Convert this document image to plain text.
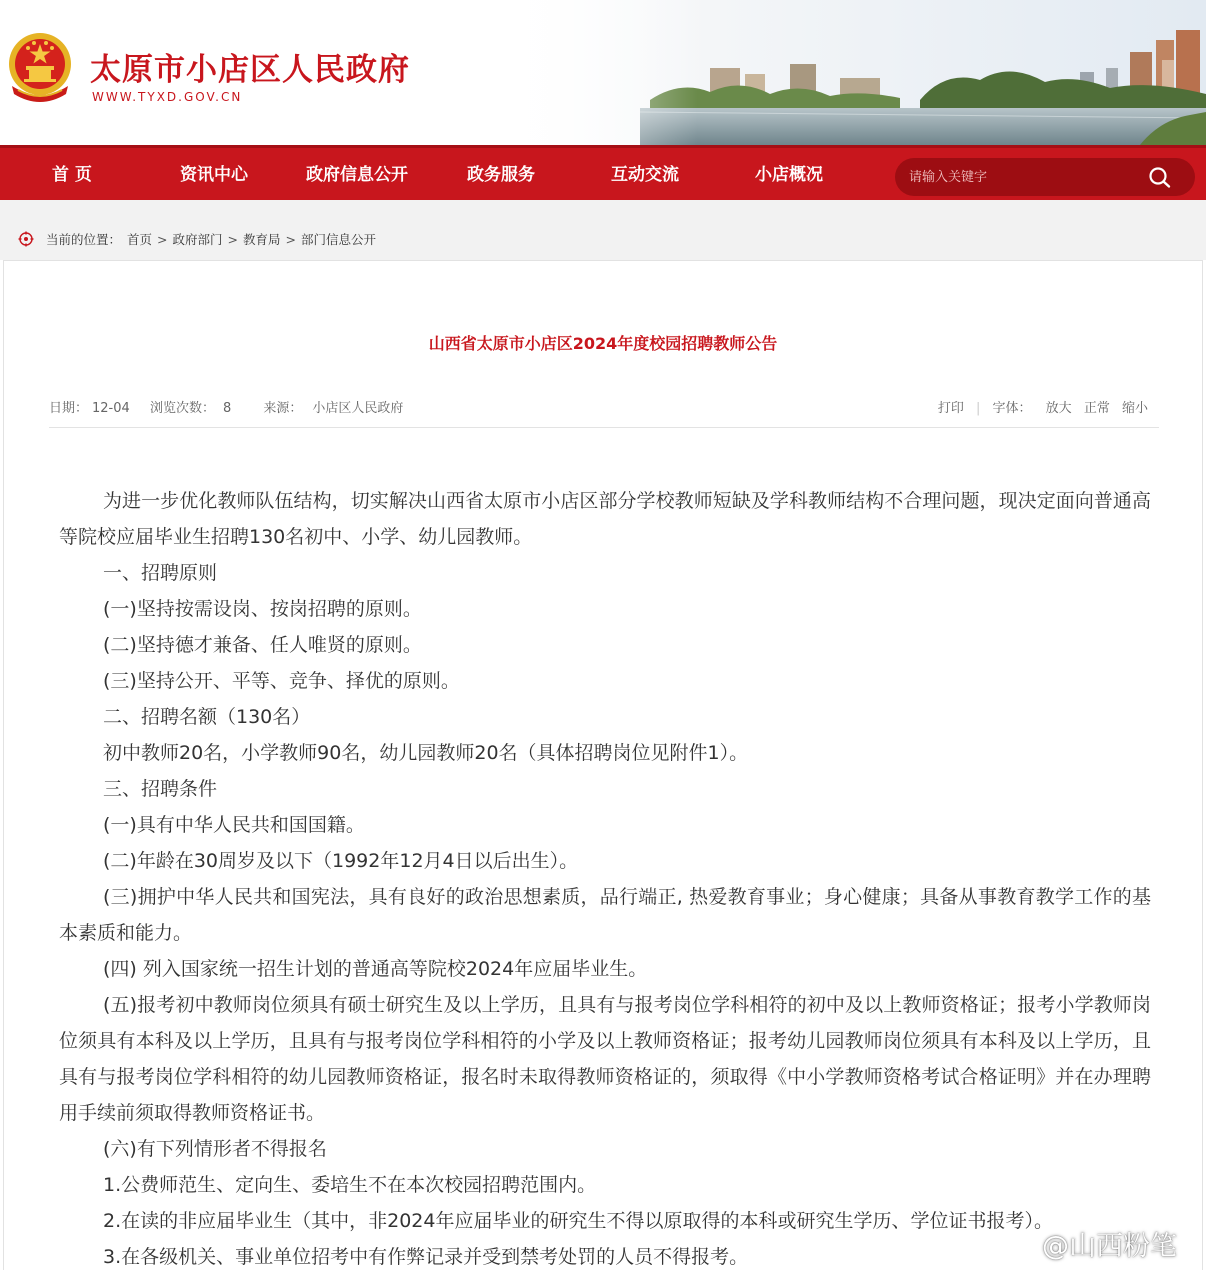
太原市小店区人民政府
WWW.TYXD.GOV.CN
首 页	资讯中心	政府信息公开	政务服务	互动交流	小店概况
请输入关键字
当前的位置： 首页 > 政府部门 > 教育局 > 部门信息公开
山西省太原市小店区2024年度校园招聘教师公告
日期： 12-04 浏览次数： 8 来源： 小店区人民政府	打印 | 字体： 放大 正常 缩小

为进一步优化教师队伍结构，切实解决山西省太原市小店区部分学校教师短缺及学科教师结构不合理问题，现决定面向普通高等院校应届毕业生招聘130名初中、小学、幼儿园教师。

一、招聘原则

(一)坚持按需设岗、按岗招聘的原则。

(二)坚持德才兼备、任人唯贤的原则。

(三)坚持公开、平等、竞争、择优的原则。

二、招聘名额（130名）

初中教师20名，小学教师90名，幼儿园教师20名（具体招聘岗位见附件1）。

三、招聘条件

(一)具有中华人民共和国国籍。

(二)年龄在30周岁及以下（1992年12月4日以后出生）。

(三)拥护中华人民共和国宪法，具有良好的政治思想素质，品行端正, 热爱教育事业；身心健康；具备从事教育教学工作的基本素质和能力。

(四) 列入国家统一招生计划的普通高等院校2024年应届毕业生。

(五)报考初中教师岗位须具有硕士研究生及以上学历，且具有与报考岗位学科相符的初中及以上教师资格证；报考小学教师岗位须具有本科及以上学历，且具有与报考岗位学科相符的小学及以上教师资格证；报考幼儿园教师岗位须具有本科及以上学历，且具有与报考岗位学科相符的幼儿园教师资格证，报名时未取得教师资格证的，须取得《中小学教师资格考试合格证明》并在办理聘用手续前须取得教师资格证书。

(六)有下列情形者不得报名

1.公费师范生、定向生、委培生不在本次校园招聘范围内。

2.在读的非应届毕业生（其中，非2024年应届毕业的研究生不得以原取得的本科或研究生学历、学位证书报考）。

3.在各级机关、事业单位招考中有作弊记录并受到禁考处罚的人员不得报考。	@山西粉笔
